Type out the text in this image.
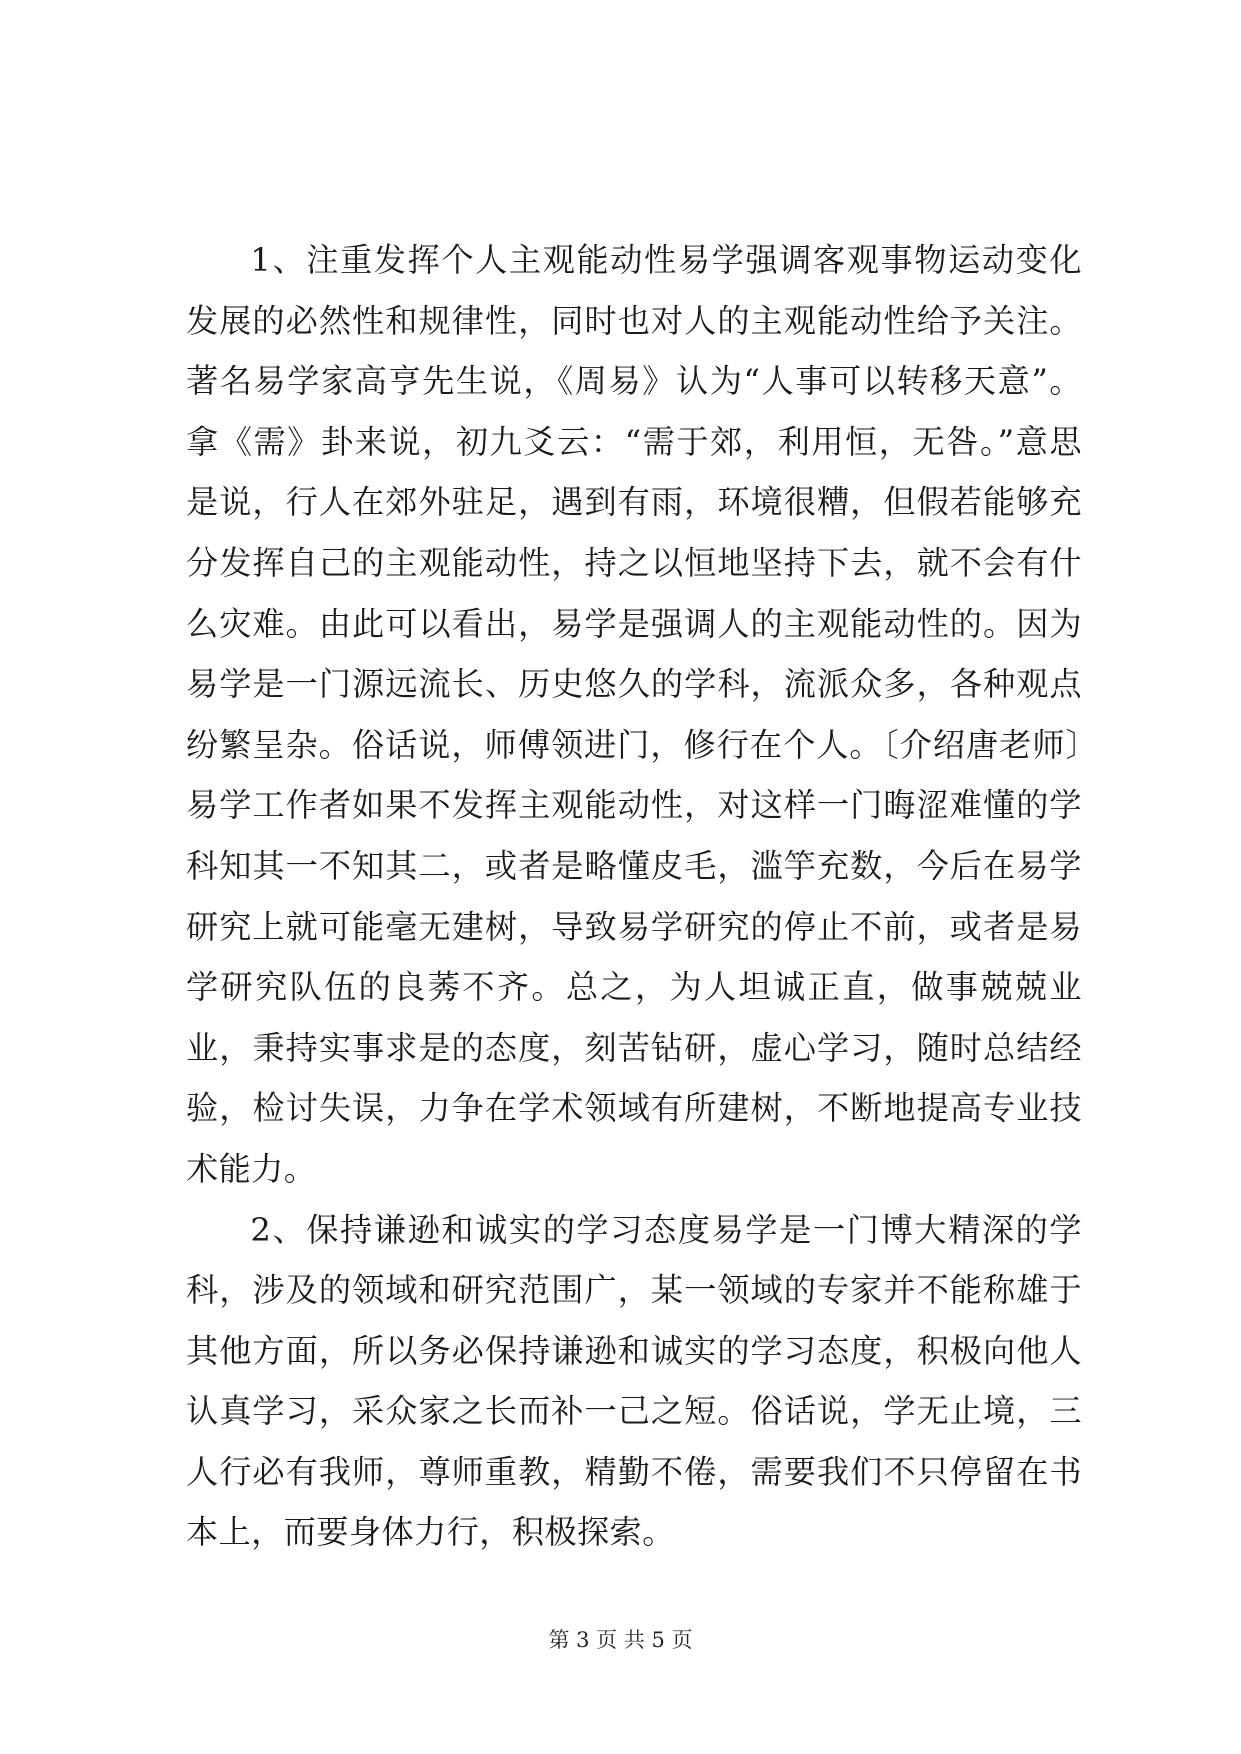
1、注重发挥个人主观能动性易学强调客观事物运动变化发展的必然性和规律性，同时也对人的主观能动性给予关注。著名易学家高亨先生说，《周易》认为“人事可以转移天意”。拿《需》卦来说，初九爻云：“需于郊，利用恒，无咎。”意思是说，行人在郊外驻足，遇到有雨，环境很糟，但假若能够充分发挥自己的主观能动性，持之以恒地坚持下去，就不会有什么灾难。由此可以看出，易学是强调人的主观能动性的。因为易学是一门源远流长、历史悠久的学科，流派众多，各种观点纷繁呈杂。俗话说，师傅领进门，修行在个人。〔介绍唐老师〕易学工作者如果不发挥主观能动性，对这样一门晦涩难懂的学科知其一不知其二，或者是略懂皮毛，滥竽充数，今后在易学研究上就可能毫无建树，导致易学研究的停止不前，或者是易学研究队伍的良莠不齐。总之，为人坦诚正直，做事兢兢业业，秉持实事求是的态度，刻苦钻研，虚心学习，随时总结经验，检讨失误，力争在学术领域有所建树，不断地提高专业技术能力。

2、保持谦逊和诚实的学习态度易学是一门博大精深的学科，涉及的领域和研究范围广，某一领域的专家并不能称雄于其他方面，所以务必保持谦逊和诚实的学习态度，积极向他人认真学习，采众家之长而补一己之短。俗话说，学无止境，三人行必有我师，尊师重教，精勤不倦，需要我们不只停留在书本上，而要身体力行，积极探索。

第 3 页 共 5 页
